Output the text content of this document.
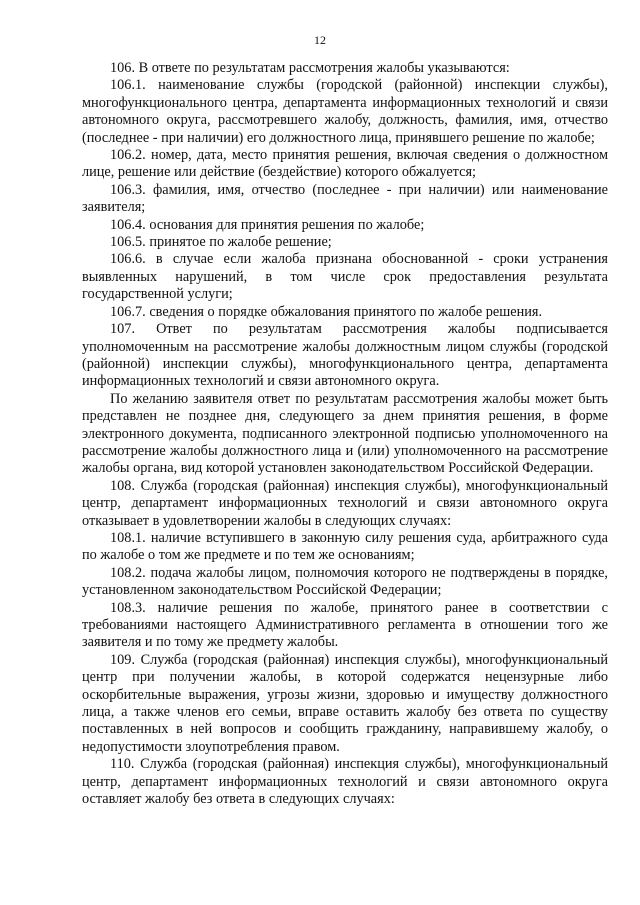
12

106. В ответе по результатам рассмотрения жалобы указываются:

106.1. наименование службы (городской (районной) инспекции службы), многофункционального центра, департамента информационных технологий и связи автономного округа, рассмотревшего жалобу, должность, фамилия, имя, отчество (последнее - при наличии) его должностного лица, принявшего решение по жалобе;

106.2. номер, дата, место принятия решения, включая сведения о должностном лице, решение или действие (бездействие) которого обжалуется;

106.3. фамилия, имя, отчество (последнее - при наличии) или наименование заявителя;

106.4. основания для принятия решения по жалобе;

106.5. принятое по жалобе решение;

106.6. в случае если жалоба признана обоснованной - сроки устранения выявленных нарушений, в том числе срок предоставления результата государственной услуги;

106.7. сведения о порядке обжалования принятого по жалобе решения.

107. Ответ по результатам рассмотрения жалобы подписывается уполномоченным на рассмотрение жалобы должностным лицом службы (городской (районной) инспекции службы), многофункционального центра, департамента информационных технологий и связи автономного округа.

По желанию заявителя ответ по результатам рассмотрения жалобы может быть представлен не позднее дня, следующего за днем принятия решения, в форме электронного документа, подписанного электронной подписью уполномоченного на рассмотрение жалобы должностного лица и (или) уполномоченного на рассмотрение жалобы органа, вид которой установлен законодательством Российской Федерации.

108. Служба (городская (районная) инспекция службы), многофункциональный центр, департамент информационных технологий и связи автономного округа отказывает в удовлетворении жалобы в следующих случаях:

108.1. наличие вступившего в законную силу решения суда, арбитражного суда по жалобе о том же предмете и по тем же основаниям;

108.2. подача жалобы лицом, полномочия которого не подтверждены в порядке, установленном законодательством Российской Федерации;

108.3. наличие решения по жалобе, принятого ранее в соответствии с требованиями настоящего Административного регламента в отношении того же заявителя и по тому же предмету жалобы.

109. Служба (городская (районная) инспекция службы), многофункциональный центр при получении жалобы, в которой содержатся нецензурные либо оскорбительные выражения, угрозы жизни, здоровью и имуществу должностного лица, а также членов его семьи, вправе оставить жалобу без ответа по существу поставленных в ней вопросов и сообщить гражданину, направившему жалобу, о недопустимости злоупотребления правом.

110. Служба (городская (районная) инспекция службы), многофункциональный центр, департамент информационных технологий и связи автономного округа оставляет жалобу без ответа в следующих случаях:
